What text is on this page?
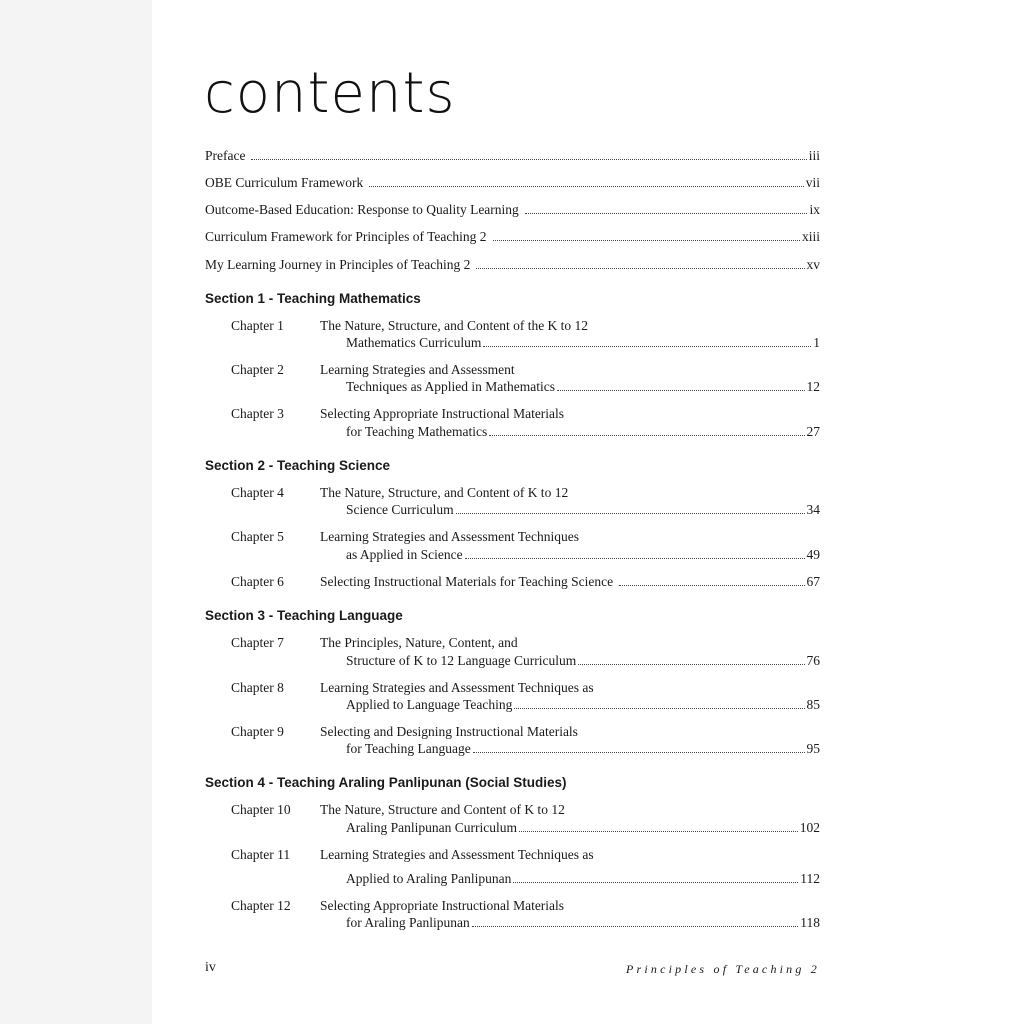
contents
Preface	iii
OBE Curriculum Framework	vii
Outcome-Based Education: Response to Quality Learning	ix
Curriculum Framework for Principles of Teaching 2	xiii
My Learning Journey in Principles of Teaching 2	xv
Section 1 - Teaching Mathematics
Chapter 1	The Nature, Structure, and Content of the K to 12
Mathematics Curriculum	1
Chapter 2	Learning Strategies and Assessment
Techniques as Applied in Mathematics	12
Chapter 3	Selecting Appropriate Instructional Materials
for Teaching Mathematics	27
Section 2 - Teaching Science
Chapter 4	The Nature, Structure, and Content of K to 12
Science Curriculum	34
Chapter 5	Learning Strategies and Assessment Techniques
as Applied in Science	49
Chapter 6	Selecting Instructional Materials for Teaching Science	67
Section 3 - Teaching Language
Chapter 7	The Principles, Nature, Content, and
Structure of K to 12 Language Curriculum	76
Chapter 8	Learning Strategies and Assessment Techniques as
Applied to Language Teaching	85
Chapter 9	Selecting and Designing Instructional Materials
for Teaching Language	95
Section 4 - Teaching Araling Panlipunan (Social Studies)
Chapter 10 The Nature, Structure and Content of K to 12
Araling Panlipunan Curriculum	102
Chapter 11 Learning Strategies and Assessment Techniques as
Applied to Araling Panlipunan	112
Chapter 12 Selecting Appropriate Instructional Materials
for Araling Panlipunan	118
iv	Principles of Teaching 2
